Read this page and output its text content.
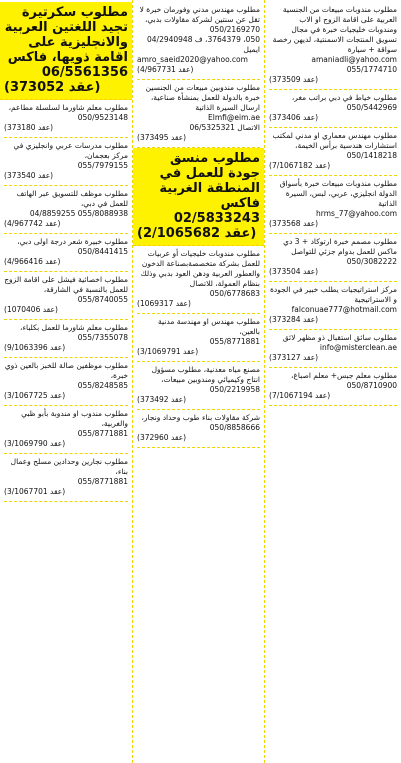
مطلوب مندوبات مبيعات من الجنسية العربية على اقامة الزوج او الاب ومندوبات خليجيات خبرة في مجال تسويق المنتجات الاسمنتية، لديهن رخصة سواقة + سيارة
amaniadli@yahoo.com
055/1774710
(عقد 373509)
مطلوب خياط في دبي براتب مغر،
050/5442969
(عقد 373406)
مطلوب مهندس معماري او مدني لمكتب استشارات هندسية برأس الخيمة،
050/1418218
(عقد 7/1067182)
مطلوب مندوبات مبيعات خبرة بأسواق الدولة انجليزي، عربي، لبس، السيرة الذاتية
hrms_77@yahoo.com
(عقد 373568)
مطلوب مصمم خبرة ارتوكاد + 3 دي ماكس للعمل بدوام جزئي للتواصل
050/3082222
(عقد 373504)
مركز استراتيجيات يطلب خبير في الجودة و الاستراتيجية
falconuae777@hotmail.com
(عقد 373284)
مطلوب سائق استقبال ذو مظهر لائق
info@misterclean.ae
(عقد 373127)
مطلوب معلم جبس+ معلم اصباغ،
050/8710900
(عقد 7/1067194)
مطلوب مهندس مدني وفورمان خبرة لا تقل عن سنتين لشركة مقاولات بدبي،
050/2169270
050، 3764379، ف 04/2940948 ايميل
amro_saeid2020@yahoo.com
(عقد 4/967731)
مطلوب مندوبين مبيعات من الجنسين خبرة بالدولة للعمل بمنشأة صناعية، ارسال السيرة الذاتية
Elmfi@eim.ae
الاتصال 06/5325321
(عقد 373495)
مطلوب منسق جودة للعمل في المنطقة الغربية فاكس
02/5833243
(عقد 2/1065682)
مطلوب مندوبات خليجيات أو عربيات للعمل بشركة متخصصةبصناعة الدخون والعطور العربية ودهن العود بدبي وذلك بنظام العمولة، للاتصال
050/6778683
(عقد 1069317)
مطلوب مهندس او مهندسة مدنية بالعين،
055/8771881
(عقد 3/1069791)
مصنع مياه معدنية، مطلوب مسؤول انتاج وكيميائي ومندوبين مبيعات،
050/2219958
(عقد 373492)
شركة مقاولات بناء طوب وحداد ونجار،
050/8858666
(عقد 372960)
مطلوب سكرتيرة تجيد اللغتين العربية والانجليزية على اقامة ذويها، فاكس
06/5561356
(عقد 373052)
مطلوب معلم شاورما لسلسلة مطاعم،
050/9523148
(عقد 373180)
مطلوب مدرسات عربي وانجليزي في مركز بعجمان،
055/7979155
(عقد 373540)
مطلوب موظف للتسويق عبر الهاتف للعمل في دبي،
055/8088938 04/8859255
(عقد 4/967742)
مطلوب خبيرة شعر درجة اولى دبي،
050/8441415
(عقد 4/966416)
مطلوب اخصائية فيشل على اقامة الزوج للعمل بالنسبة في الشارقة،
055/8740055
(عقد 1070406)
مطلوب معلم شاورما للعمل بكلباء،
055/7355078
(عقد 9/1063396)
مطلوب موظفين صالة للخبز بالعين ذوي خبرة،
055/8248585
(عقد 3/1067725)
مطلوب مندوب او مندوبة بأبو ظبي والغربية،
055/8771881
(عقد 3/1069790)
مطلوب نجارين وحدادين مسلح وعمال بناء،
055/8771881
(عقد 3/1067701)
